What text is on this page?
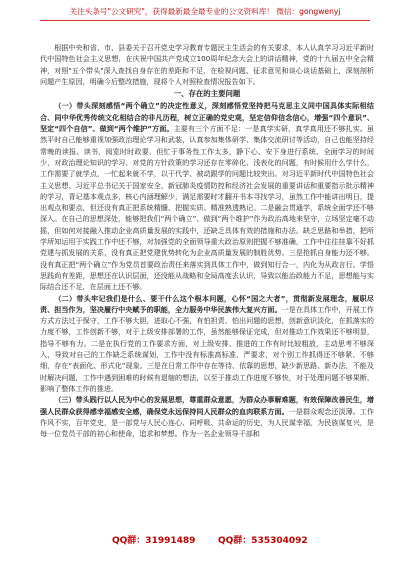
关注头条号"公文研究"，获得最新最全最专业的公文资料库！ 微信：gongwenyj

根据中央和省、市、县委关于召开党史学习教育专题民主生活会的有关要求，本人认真学习习近平新时代中国特色社会主义思想，在庆祝中国共产党成立100周年纪念大会上的讲话精神，党的十九届五中全会精神，对照"五个带头"深入查找自身存在的差距和不足，在检视问题、征求意见和谈心谈话基础上，深刻剖析问题产生原因，明确今后整改措施，现将个人对照检查情况报告如下。

一、存在的主要问题

（一）带头深刻感悟“两个确立”的决定性意义，深刻感悟党坚持把马克思主义同中国具体实际相结合、同中华优秀传统文化相结合的非凡历程，树立正确的党史观，坚定信仰信念信心，增强“四个意识”、坚定“四个自信”、做到“两个维护”方面。主要有三个方面不足：一是真学实研，真学真用还不够扎实。虽然平时自己能够重视加强政治理论学习和武装，认真参加集体研学、集体交流研讨等活动，自己也能坚持经常晚的读报、读书，阅览时时政要，但忙于事务性工作太多，静下心、安下身进行系统、全面学习的时间少，对政治理论知识的学习、对党的方针政策的学习还存在零碎化、浅表化的问题，有时候用什么学什么，工作需要了就学点，一忙起来就不学，以干代学、被动跟学的问题比较突出。对习近平新时代中国特色社会主义思想、习近平总书记关于国家安全、新冠肺炎疫情防控和经济社会发展的重要讲话和重要指示批示精神的学习，背记基本观点多，核心内涵理解少，满足需要时才翻开书本寻找学习，虽然工作中能讲出明日，提出观点和要点，但还没有真正把系统精髓、把握实质、精准熟透熟记。二是融会贯通学，系统全面学还不够深入。在自己的思想深处，能够把我们“两个确立”、做到“两个维护”作为政治高地来坚守，立场坚定毫不动摇，但如何对接融入推动企业高质量发展的实践中，还缺乏具体有效的措施和办法。缺乏思路和举措，把所学所知运用于实践工作中还不够，对加强党的全面领导重大政治原则把握不够准确，工作中往往挂靠不好抓党建与抓发展的关系，没有真正把党建优势转化为企业高质量发展的制胜优势。三是抢抓自身能力还不够。没有真正把“两个确立”作为党员首要政治责任来落实到具体工作中，做到知行合一，内化为从政言行。学悟思践尚有差距，思想还在认识层面，还没能从战略和全局高度去认识，导致以能治政能力不足，思想能与实际结合还不足，在层面上还不够。

（二）带头牢记我们是什么、要干什么这个根本问题，心怀“国之大者”，贯彻新发展理念，履职尽责、担当作为，坚决履行中央赋予的职能，全力服务中华民族伟大复兴方面。一是在具体工作中，开展工作方式方法过于保守，工作不够大胆，进取心不强，有怕担责、怕出问题的思想，创新意识淡化，在抓落实的力度不够，工作创新不够，对于上级安排部署的工作，虽然能够保证完成，但对推动工作效果还不够明显，指导不够有力。二是在执行党的工作要求方面，对上级安排、推进的工作有时比较粗放，主动思考不够深入，导致对自己的工作缺乏系统谋划，工作中没有标准高标准、严要求，对个别工作抓得还不够紧、不够细，存在“表面化、形式化”现象。三是在日常工作中存在等待、依靠的思想，缺少新思路、新办法，不能及时解决问题，工作中遇到困难的时候有退缩的想法，以至于推动工作进度不够快，对于处理问题不够果断，影响了整体工作的推进。

（三）带头践行以人民为中心的发展思想，尊重群众意愿，为群众办事解难题，有效保障改善民生，增强人民群众获得感幸福感安全感，确保党永远保持同人民群众的血肉联系方面。一是群众观念还淡薄。工作作风不实，百年党史，是一部党与人民心连心、同呼吸、共命运的历史，为人民谋幸福，为民族谋复兴，是每一位党员干部的初心和使命，追求和梦想。作为一名企业领导干部和

QQ群：31991489	QQ群：535304092
